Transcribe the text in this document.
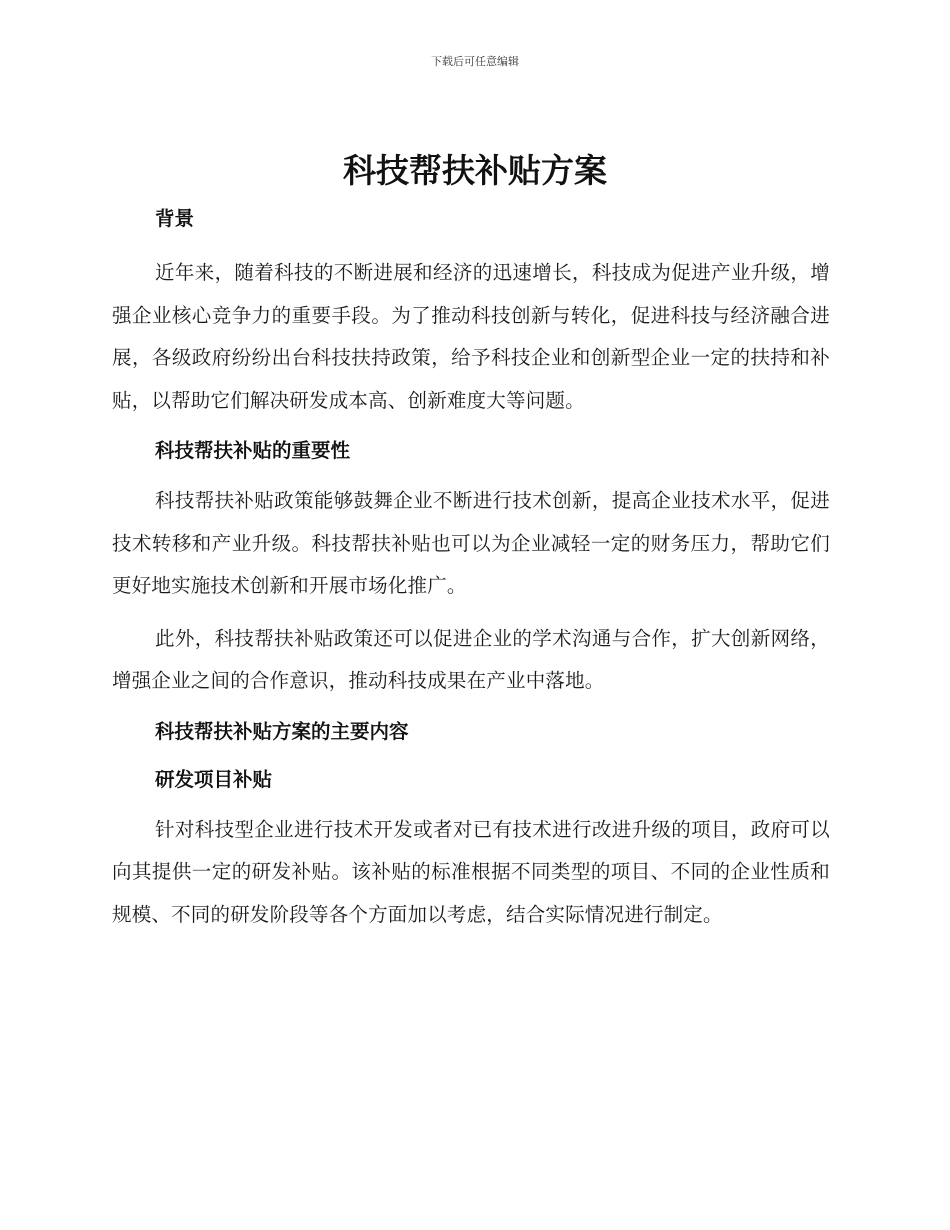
下载后可任意编辑
科技帮扶补贴方案

背景

近年来，随着科技的不断进展和经济的迅速增长，科技成为促进产业升级，增强企业核心竞争力的重要手段。为了推动科技创新与转化，促进科技与经济融合进展，各级政府纷纷出台科技扶持政策，给予科技企业和创新型企业一定的扶持和补贴，以帮助它们解决研发成本高、创新难度大等问题。

科技帮扶补贴的重要性

科技帮扶补贴政策能够鼓舞企业不断进行技术创新，提高企业技术水平，促进技术转移和产业升级。科技帮扶补贴也可以为企业减轻一定的财务压力，帮助它们更好地实施技术创新和开展市场化推广。

此外，科技帮扶补贴政策还可以促进企业的学术沟通与合作，扩大创新网络，增强企业之间的合作意识，推动科技成果在产业中落地。

科技帮扶补贴方案的主要内容

研发项目补贴

针对科技型企业进行技术开发或者对已有技术进行改进升级的项目，政府可以向其提供一定的研发补贴。该补贴的标准根据不同类型的项目、不同的企业性质和规模、不同的研发阶段等各个方面加以考虑，结合实际情况进行制定。
